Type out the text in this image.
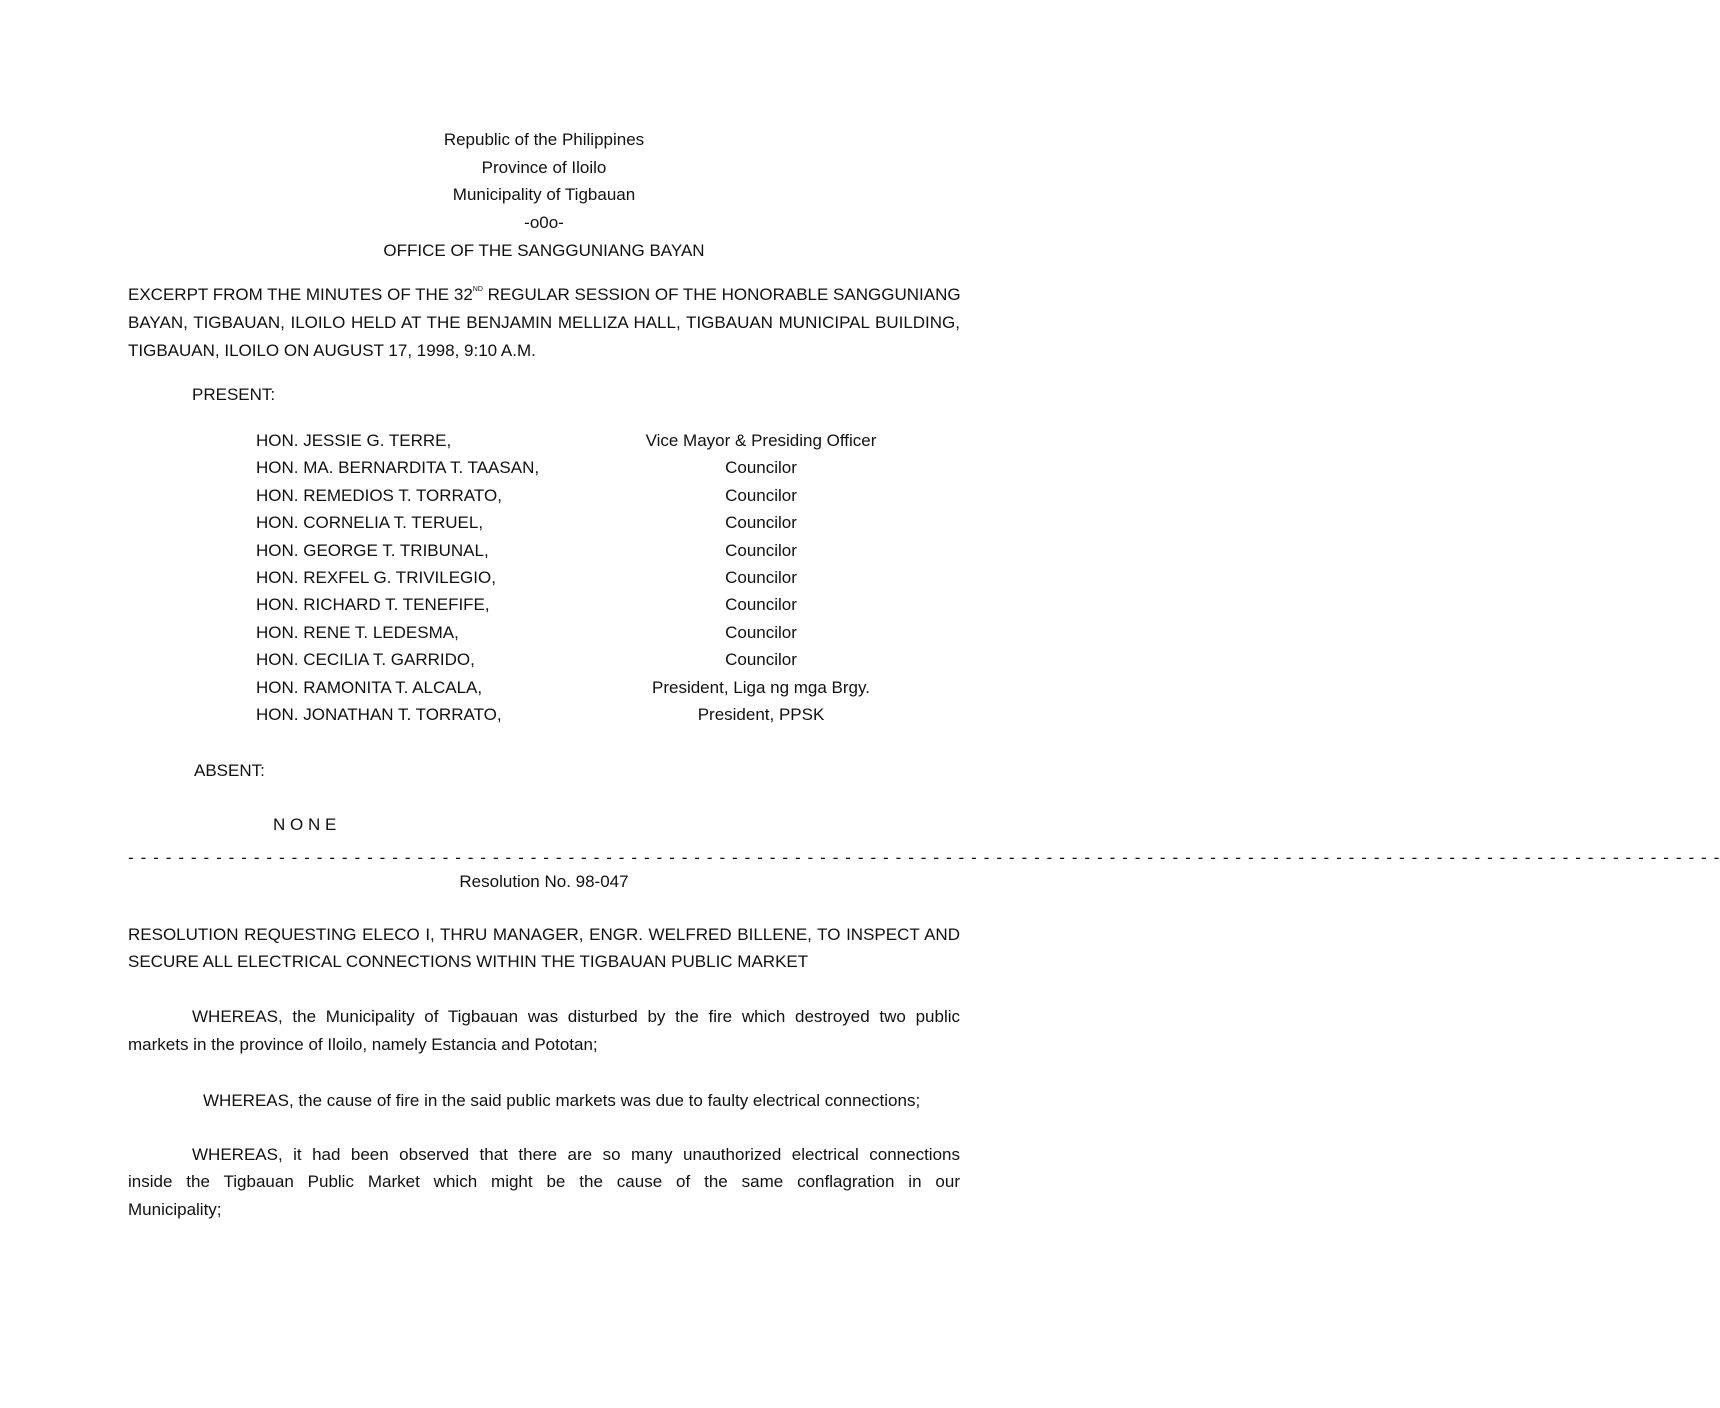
Republic of the Philippines
Province of Iloilo
Municipality of Tigbauan
-o0o-
OFFICE OF THE SANGGUNIANG BAYAN
EXCERPT FROM THE MINUTES OF THE 32ND REGULAR SESSION OF THE HONORABLE SANGGUNIANG
BAYAN, TIGBAUAN, ILOILO HELD AT THE BENJAMIN MELLIZA HALL, TIGBAUAN MUNICIPAL BUILDING,
TIGBAUAN, ILOILO ON AUGUST 17, 1998, 9:10 A.M.
PRESENT:
HON. JESSIE G. TERRE,	Vice Mayor & Presiding Officer
HON. MA. BERNARDITA T. TAASAN,	Councilor
HON. REMEDIOS T. TORRATO,	Councilor
HON. CORNELIA T. TERUEL,	Councilor
HON. GEORGE T. TRIBUNAL,	Councilor
HON. REXFEL G. TRIVILEGIO,	Councilor
HON. RICHARD T. TENEFIFE,	Councilor
HON. RENE T. LEDESMA,	Councilor
HON. CECILIA T. GARRIDO,	Councilor
HON. RAMONITA T. ALCALA,	President, Liga ng mga Brgy.
HON. JONATHAN T. TORRATO,	President, PPSK
ABSENT:
N O N E
- - - - - - - - - - - - - - - - - - - - - - - - - - - - - - - - - - - - - - - - - - - - - - - - - - - - - - - - - - - - - - - - - - - - - - - - - - - - - - - - - - - - - - - - - - - - - - - - - - - - - - - - - - - - - - - - - - - - - - - - - - - - - - -
Resolution No. 98-047
RESOLUTION REQUESTING ELECO I, THRU MANAGER, ENGR. WELFRED BILLENE, TO INSPECT AND
SECURE ALL ELECTRICAL CONNECTIONS WITHIN THE TIGBAUAN PUBLIC MARKET
WHEREAS, the Municipality of Tigbauan was disturbed by the fire which destroyed two public
markets in the province of Iloilo, namely Estancia and Pototan;
WHEREAS, the cause of fire in the said public markets was due to faulty electrical connections;
WHEREAS, it had been observed that there are so many unauthorized electrical connections
inside the Tigbauan Public Market which might be the cause of the same conflagration in our
Municipality;
